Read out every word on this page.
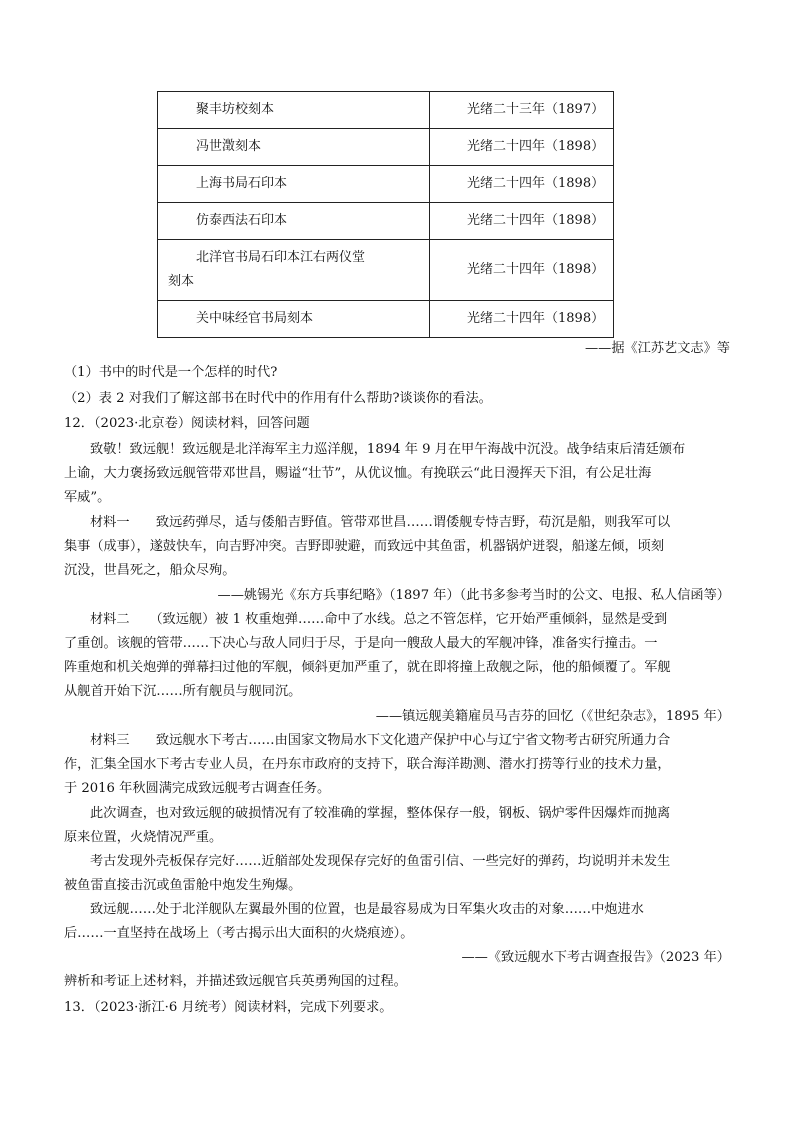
聚丰坊校刻本	光绪二十三年（1897）
冯世澂刻本	光绪二十四年（1898）
上海书局石印本	光绪二十四年（1898）
仿泰西法石印本	光绪二十四年（1898）
北洋官书局石印本江右两仪堂
刻本	光绪二十四年（1898）
关中味经官书局刻本	光绪二十四年（1898）
——据《江苏艺文志》等
（1）书中的时代是一个怎样的时代?
（2）表 2 对我们了解这部书在时代中的作用有什么帮助?谈谈你的看法。
12．（2023·北京卷）阅读材料，回答问题
致敬！致远舰！致远舰是北洋海军主力巡洋舰，1894 年 9 月在甲午海战中沉没。战争结束后清廷颁布
上谕，大力褒扬致远舰管带邓世昌，赐谥“壮节”，从优议恤。有挽联云“此日漫挥天下泪，有公足壮海
军威”。
材料一　　致远药弹尽，适与倭船吉野值。管带邓世昌……谓倭舰专恃吉野，苟沉是船，则我军可以
集事（成事），遂鼓快车，向吉野冲突。吉野即驶避，而致远中其鱼雷，机器锅炉迸裂，船遂左倾，顷刻
沉没，世昌死之，船众尽殉。
——姚锡光《东方兵事纪略》（1897 年）（此书多参考当时的公文、电报、私人信函等）
材料二　　（致远舰）被 1 枚重炮弹……命中了水线。总之不管怎样，它开始严重倾斜，显然是受到
了重创。该舰的管带……下决心与敌人同归于尽，于是向一艘敌人最大的军舰冲锋，准备实行撞击。一
阵重炮和机关炮弹的弹幕扫过他的军舰，倾斜更加严重了，就在即将撞上敌舰之际，他的船倾覆了。军舰
从舰首开始下沉……所有舰员与舰同沉。
——镇远舰美籍雇员马吉芬的回忆（《世纪杂志》，1895 年）
材料三　　致远舰水下考古……由国家文物局水下文化遗产保护中心与辽宁省文物考古研究所通力合
作，汇集全国水下考古专业人员，在丹东市政府的支持下，联合海洋勘测、潜水打捞等行业的技术力量，
于 2016 年秋圆满完成致远舰考古调查任务。
此次调查，也对致远舰的破损情况有了较准确的掌握，整体保存一般，钢板、锅炉零件因爆炸而抛离
原来位置，火烧情况严重。
考古发现外壳板保存完好……近艏部处发现保存完好的鱼雷引信、一些完好的弹药，均说明并未发生
被鱼雷直接击沉或鱼雷舱中炮发生殉爆。
致远舰……处于北洋舰队左翼最外围的位置，也是最容易成为日军集火攻击的对象……中炮进水
后……一直坚持在战场上（考古揭示出大面积的火烧痕迹）。
——《致远舰水下考古调查报告》（2023 年）
辨析和考证上述材料，并描述致远舰官兵英勇殉国的过程。
13．（2023·浙江·6 月统考）阅读材料，完成下列要求。
